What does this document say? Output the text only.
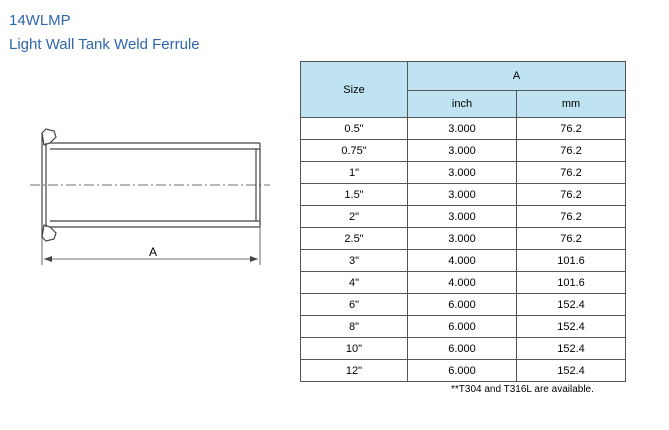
14WLMP
Light Wall Tank Weld Ferrule
A
Size	A	
	inch	mm
0.5"	3.000	76.2
0.75"	3.000	76.2
1"	3.000	76.2
1.5"	3.000	76.2
2"	3.000	76.2
2.5"	3.000	76.2
3"	4.000	101.6
4"	4.000	101.6
6"	6.000	152.4
8"	6.000	152.4
10"	6.000	152.4
12"	6.000	152.4
**T304 and T316L are available.
